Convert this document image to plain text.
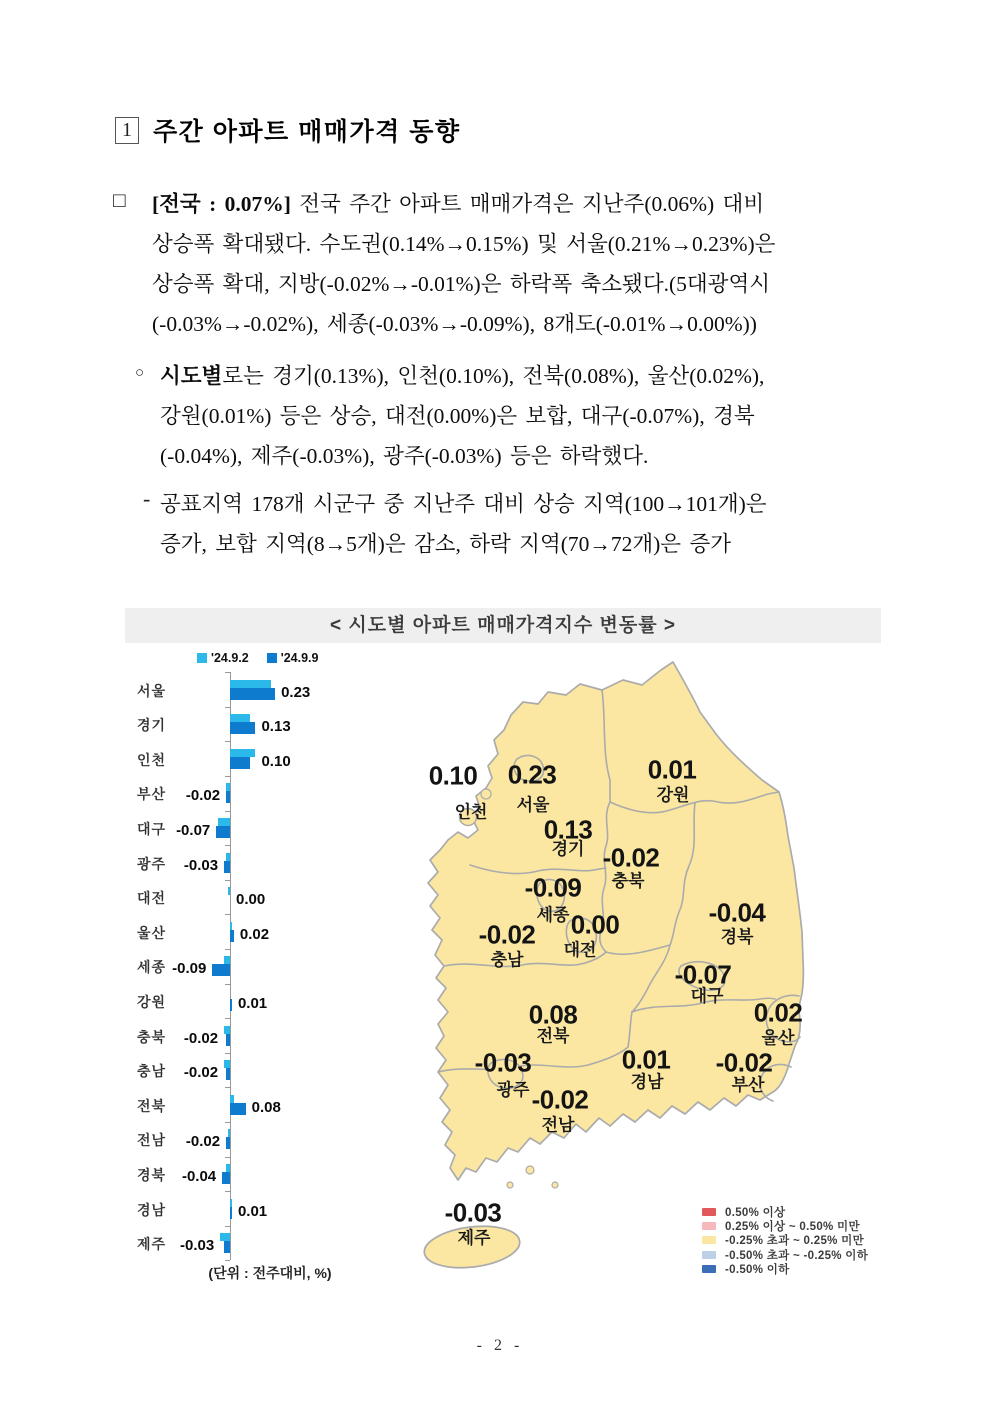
1 주간 아파트 매매가격 동향
□ [전국 : 0.07%] 전국 주간 아파트 매매가격은 지난주(0.06%) 대비
상승폭 확대됐다. 수도권(0.14%→0.15%) 및 서울(0.21%→0.23%)은
상승폭 확대, 지방(-0.02%→-0.01%)은 하락폭 축소됐다.(5대광역시
(-0.03%→-0.02%), 세종(-0.03%→-0.09%), 8개도(-0.01%→0.00%))
○ 시도별로는 경기(0.13%), 인천(0.10%), 전북(0.08%), 울산(0.02%),
강원(0.01%) 등은 상승, 대전(0.00%)은 보합, 대구(-0.07%), 경북
(-0.04%), 제주(-0.03%), 광주(-0.03%) 등은 하락했다.
- 공표지역 178개 시군구 중 지난주 대비 상승 지역(100→101개)은
증가, 보합 지역(8→5개)은 감소, 하락 지역(70→72개)은 증가
< 시도별 아파트 매매가격지수 변동률 >
'24.9.2	'24.9.9
서울	0.23
경기	0.13
인천	0.10
부산 -0.02
대구 -0.07
광주 -0.03
대전	0.00
울산	0.02
세종 -0.09
강원	0.01
충북 -0.02
충남 -0.02
전북	0.08
전남 -0.02
경북 -0.04
경남	0.01
제주 -0.03
(단위 : 전주대비, %)
0.23
서울
0.13
경기
0.10
인천
-0.02
부산
-0.07
대구
-0.03
광주
0.00
대전
0.02
울산
-0.09
세종
0.01
강원
-0.02
충북
-0.02
충남
0.08
전북
-0.02
전남
-0.04
경북
0.01
경남
-0.03
제주
0.50% 이상
0.25% 이상 ~ 0.50% 미만
-0.25% 초과 ~ 0.25% 미만
-0.50% 초과 ~ -0.25% 이하
-0.50% 이하
- 2 -
